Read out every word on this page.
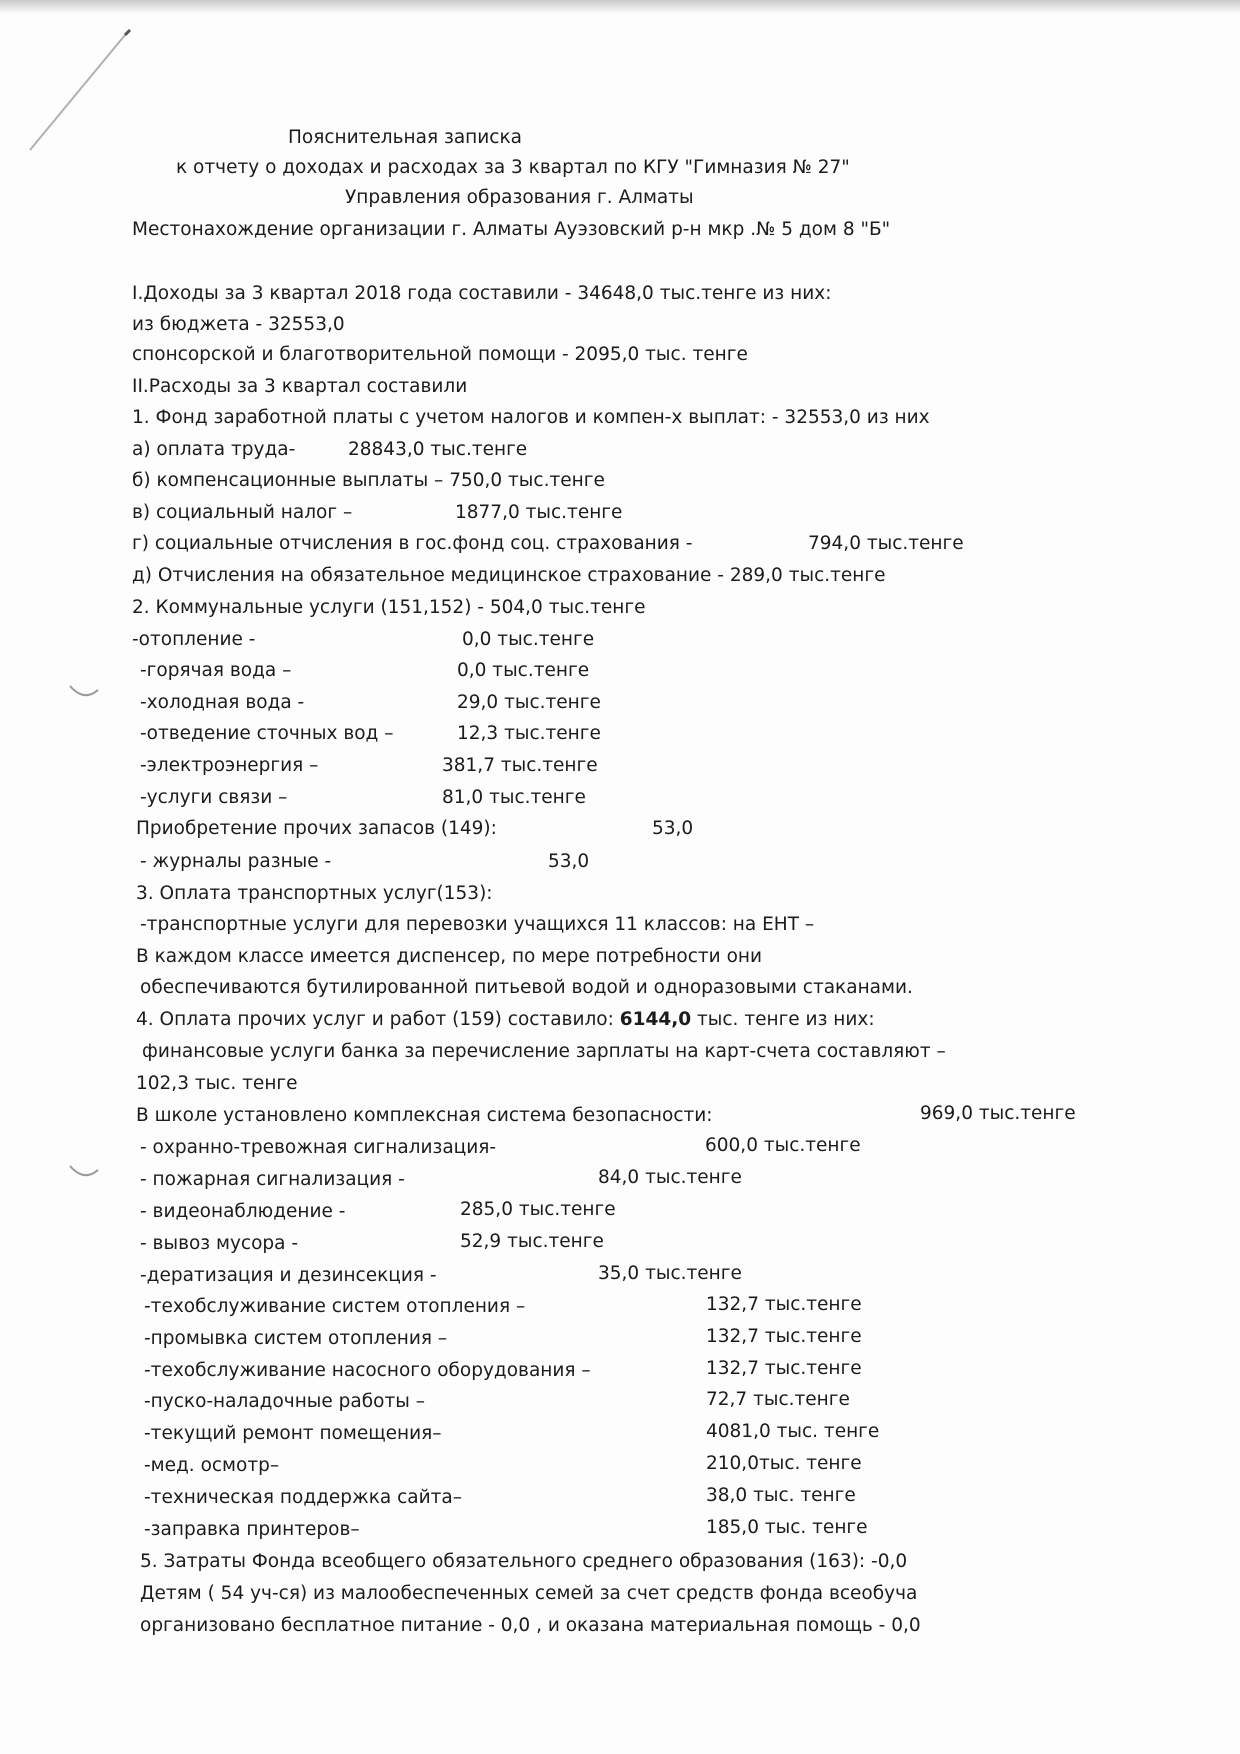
Пояснительная записка
к отчету о доходах и расходах за 3 квартал по КГУ "Гимназия № 27"
Управления образования г. Алматы
Местонахождение организации г. Алматы Ауэзовский р-н мкр .№ 5 дом 8 "Б"
I.Доходы за 3 квартал 2018 года составили - 34648,0 тыс.тенге из них:
из бюджета - 32553,0
спонсорской и благотворительной помощи - 2095,0 тыс. тенге
II.Расходы за 3 квартал составили
1. Фонд заработной платы с учетом налогов и компен-х выплат: - 32553,0 из них
а) оплата труда-	28843,0 тыс.тенге
б) компенсационные выплаты – 750,0 тыс.тенге
в) социальный налог –	1877,0 тыс.тенге
г) социальные отчисления в гос.фонд соц. страхования -	794,0 тыс.тенге
д) Отчисления на обязательное медицинское страхование - 289,0 тыс.тенге
2. Коммунальные услуги (151,152) - 504,0 тыс.тенге
-отопление -	0,0 тыс.тенге
-горячая вода –	0,0 тыс.тенге
-холодная вода -	29,0 тыс.тенге
-отведение сточных вод –	12,3 тыс.тенге
-электроэнергия –	381,7 тыс.тенге
-услуги связи –	81,0 тыс.тенге
Приобретение прочих запасов (149):	53,0
- журналы разные -	53,0
3. Оплата транспортных услуг(153):
-транспортные услуги для перевозки учащихся 11 классов: на ЕНТ –
В каждом классе имеется диспенсер, по мере потребности они
обеспечиваются бутилированной питьевой водой и одноразовыми стаканами.
4. Оплата прочих услуг и работ (159) составило: 6144,0 тыс. тенге из них:
финансовые услуги банка за перечисление зарплаты на карт-счета составляют –
102,3 тыс. тенге
В школе установлено комплексная система безопасности:	969,0 тыс.тенге
- охранно-тревожная сигнализация-	600,0 тыс.тенге
- пожарная сигнализация -	84,0 тыс.тенге
- видеонаблюдение -	285,0 тыс.тенге
- вывоз мусора -	52,9 тыс.тенге
-дератизация и дезинсекция -	35,0 тыс.тенге
-техобслуживание систем отопления –	132,7 тыс.тенге
-промывка систем отопления –	132,7 тыс.тенге
-техобслуживание насосного оборудования –	132,7 тыс.тенге
-пуско-наладочные работы –	72,7 тыс.тенге
-текущий ремонт помещения–	4081,0 тыс. тенге
-мед. осмотр–	210,0тыс. тенге
-техническая поддержка сайта–	38,0 тыс. тенге
-заправка принтеров–	185,0 тыс. тенге
5. Затраты Фонда всеобщего обязательного среднего образования (163): -0,0
Детям ( 54 уч-ся) из малообеспеченных семей за счет средств фонда всеобуча
организовано бесплатное питание - 0,0 , и оказана материальная помощь - 0,0
